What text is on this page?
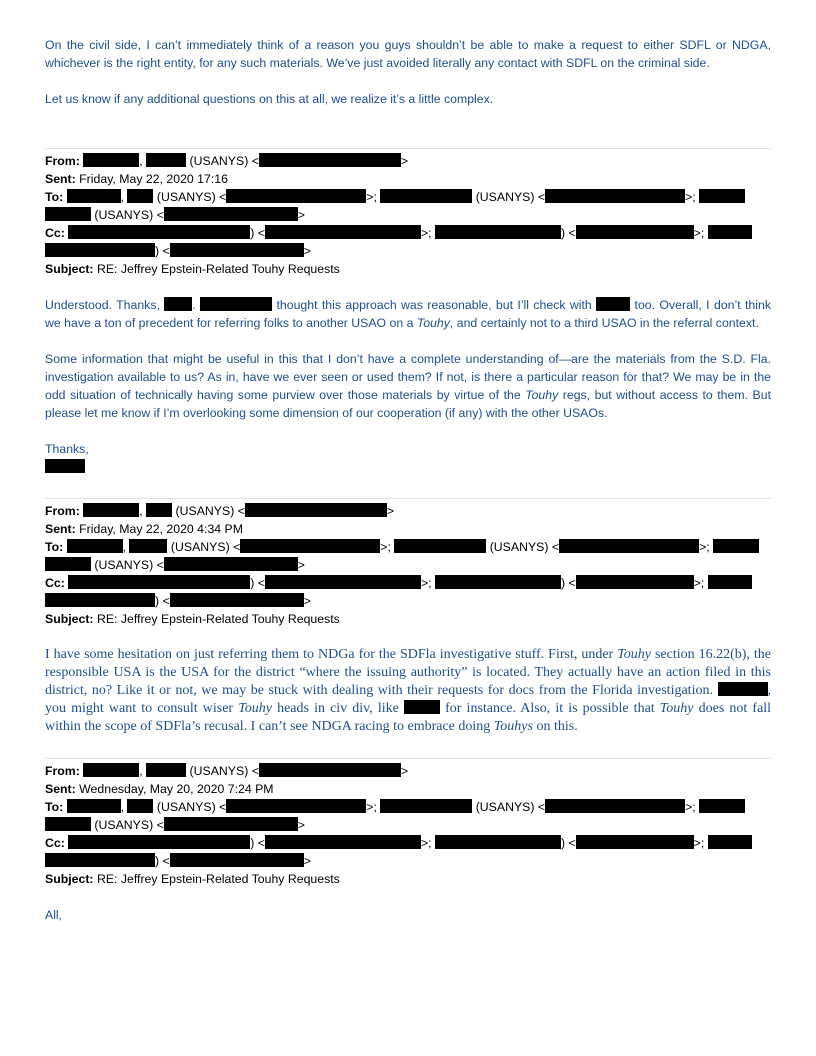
On the civil side, I can’t immediately think of a reason you guys shouldn’t be able to make a request to either SDFL or NDGA, whichever is the right entity, for any such materials. We’ve just avoided literally any contact with SDFL on the criminal side.

Let us know if any additional questions on this at all, we realize it’s a little complex.

From:	,	(USANYS) <	>
Sent: Friday, May 22, 2020 17:16
To:	,  (USANYS) <	>;	(USANYS) <	>;
(USANYS) <	>
Cc:	) <	>;	) <	>;
) <	>
Subject: RE: Jeffrey Epstein-Related Touhy Requests

Understood. Thanks,	.	thought this approach was reasonable, but I’ll check with	too. Overall, I don’t think we have a ton of precedent for referring folks to another USAO on a Touhy, and certainly not to a third USAO in the referral context.

Some information that might be useful in this that I don’t have a complete understanding of—are the materials from the S.D. Fla. investigation available to us? As in, have we ever seen or used them? If not, is there a particular reason for that? We may be in the odd situation of technically having some purview over those materials by virtue of the Touhy regs, but without access to them. But please let me know if I’m overlooking some dimension of our cooperation (if any) with the other USAOs.

Thanks,

From:	,  (USANYS) <	>
Sent: Friday, May 22, 2020 4:34 PM
To:	,	(USANYS) <	>;	(USANYS) <	>;
(USANYS) <	>
Cc:	) <	>;	) <	>;
) <	>
Subject: RE: Jeffrey Epstein-Related Touhy Requests

I have some hesitation on just referring them to NDGa for the SDFla investigative stuff. First, under Touhy section 16.22(b), the responsible USA is the USA for the district “where the issuing authority” is located. They actually have an action filed in this district, no? Like it or not, we may be stuck with dealing with their requests for docs from the Florida investigation.	, you might want to consult wiser Touhy heads in civ div, like	for instance. Also, it is possible that Touhy does not fall within the scope of SDFla’s recusal. I can’t see NDGA racing to embrace doing Touhys on this.

From:	,	(USANYS) <	>
Sent: Wednesday, May 20, 2020 7:24 PM
To:	,  (USANYS) <	>;	(USANYS) <	>;
(USANYS) <	>
Cc:	) <	>;	) <	>;
) <	>
Subject: RE: Jeffrey Epstein-Related Touhy Requests

All,
